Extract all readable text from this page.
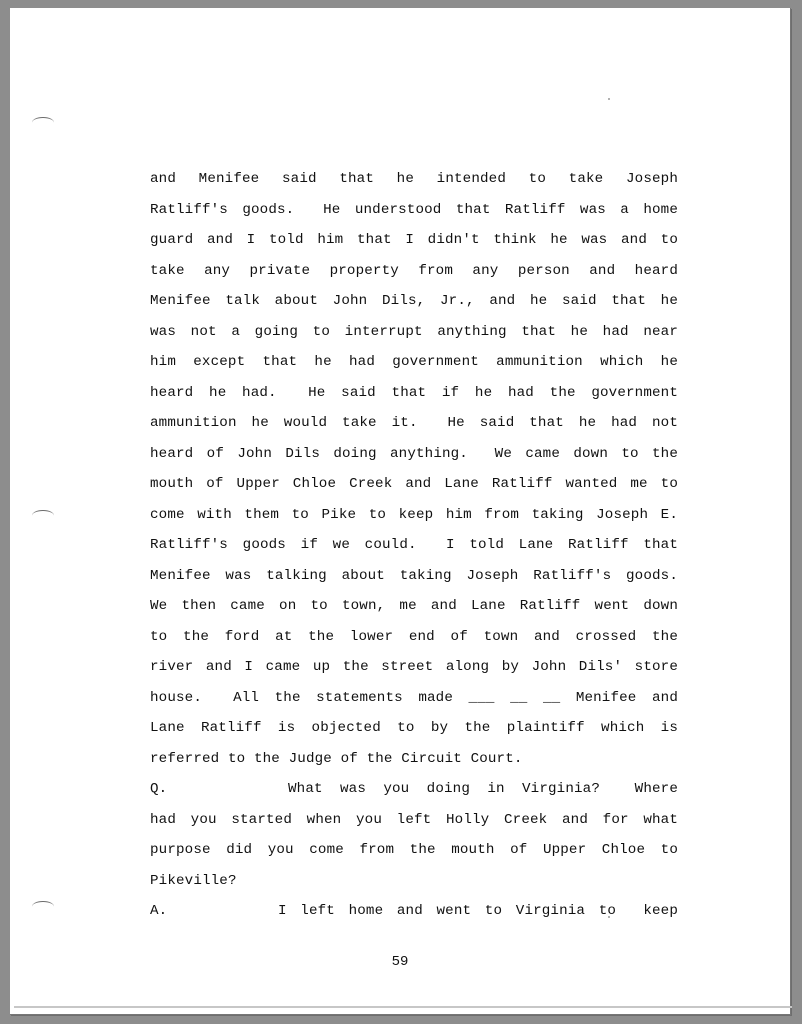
and Menifee said that he intended to take Joseph
Ratliff's goods.  He understood that Ratliff was a home
guard and I told him that I didn't think he was and to
take any private property from any person and heard
Menifee talk about John Dils, Jr., and he said that he
was not a going to interrupt anything that he had near
him except that he had government ammunition which he
heard he had.  He said that if he had the government
ammunition he would take it.  He said that he had not
heard of John Dils doing anything.  We came down to the
mouth of Upper Chloe Creek and Lane Ratliff wanted me to
come with them to Pike to keep him from taking Joseph E.
Ratliff's goods if we could.  I told Lane Ratliff that
Menifee was talking about taking Joseph Ratliff's goods.
We then came on to town, me and Lane Ratliff went down
to the ford at the lower end of town and crossed the
river and I came up the street along by John Dils' store
house.  All the statements made ___ __ __ Menifee and
Lane Ratliff is objected to by the plaintiff which is
referred to the Judge of the Circuit Court.
Q.	What was you doing in Virginia?  Where
had you started when you left Holly Creek and for what
purpose did you come from the mouth of Upper Chloe to
Pikeville?
A.	I left home and went to Virginia to  keep
59
